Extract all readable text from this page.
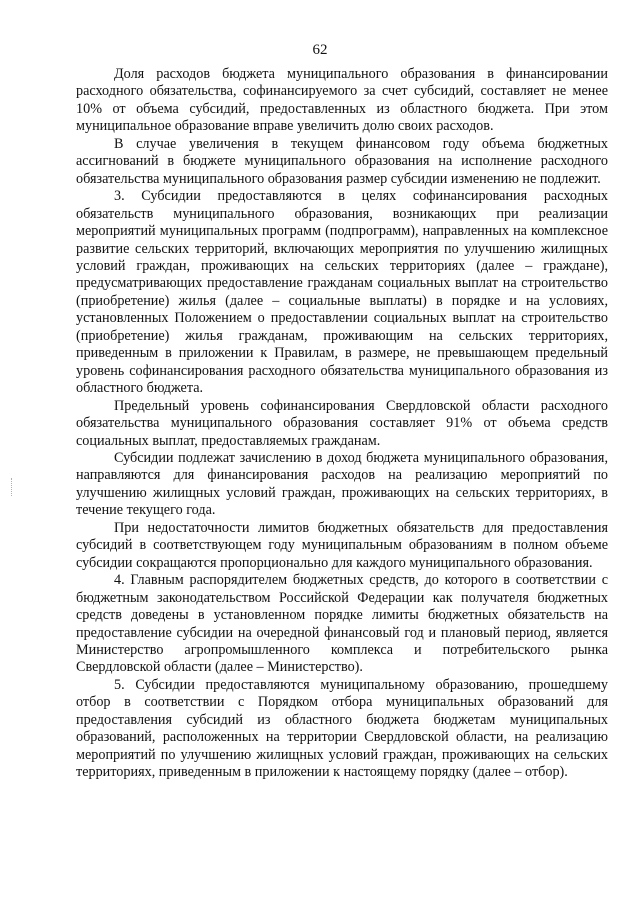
62

Доля расходов бюджета муниципального образования в финансировании расходного обязательства, софинансируемого за счет субсидий, составляет не менее 10% от объема субсидий, предоставленных из областного бюджета. При этом муниципальное образование вправе увеличить долю своих расходов.

В случае увеличения в текущем финансовом году объема бюджетных ассигнований в бюджете муниципального образования на исполнение расходного обязательства муниципального образования размер субсидии изменению не подлежит.

3. Субсидии предоставляются в целях софинансирования расходных обязательств муниципального образования, возникающих при реализации мероприятий муниципальных программ (подпрограмм), направленных на комплексное развитие сельских территорий, включающих мероприятия по улучшению жилищных условий граждан, проживающих на сельских территориях (далее – граждане), предусматривающих предоставление гражданам социальных выплат на строительство (приобретение) жилья (далее – социальные выплаты) в порядке и на условиях, установленных Положением о предоставлении социальных выплат на строительство (приобретение) жилья гражданам, проживающим на сельских территориях, приведенным в приложении к Правилам, в размере, не превышающем предельный уровень софинансирования расходного обязательства муниципального образования из областного бюджета.

Предельный уровень софинансирования Свердловской области расходного обязательства муниципального образования составляет 91% от объема средств социальных выплат, предоставляемых гражданам.

Субсидии подлежат зачислению в доход бюджета муниципального образования, направляются для финансирования расходов на реализацию мероприятий по улучшению жилищных условий граждан, проживающих на сельских территориях, в течение текущего года.

При недостаточности лимитов бюджетных обязательств для предоставления субсидий в соответствующем году муниципальным образованиям в полном объеме субсидии сокращаются пропорционально для каждого муниципального образования.

4. Главным распорядителем бюджетных средств, до которого в соответствии с бюджетным законодательством Российской Федерации как получателя бюджетных средств доведены в установленном порядке лимиты бюджетных обязательств на предоставление субсидии на очередной финансовый год и плановый период, является Министерство агропромышленного комплекса и потребительского рынка Свердловской области (далее – Министерство).

5. Субсидии предоставляются муниципальному образованию, прошедшему отбор в соответствии с Порядком отбора муниципальных образований для предоставления субсидий из областного бюджета бюджетам муниципальных образований, расположенных на территории Свердловской области, на реализацию мероприятий по улучшению жилищных условий граждан, проживающих на сельских территориях, приведенным в приложении к настоящему порядку (далее – отбор).
